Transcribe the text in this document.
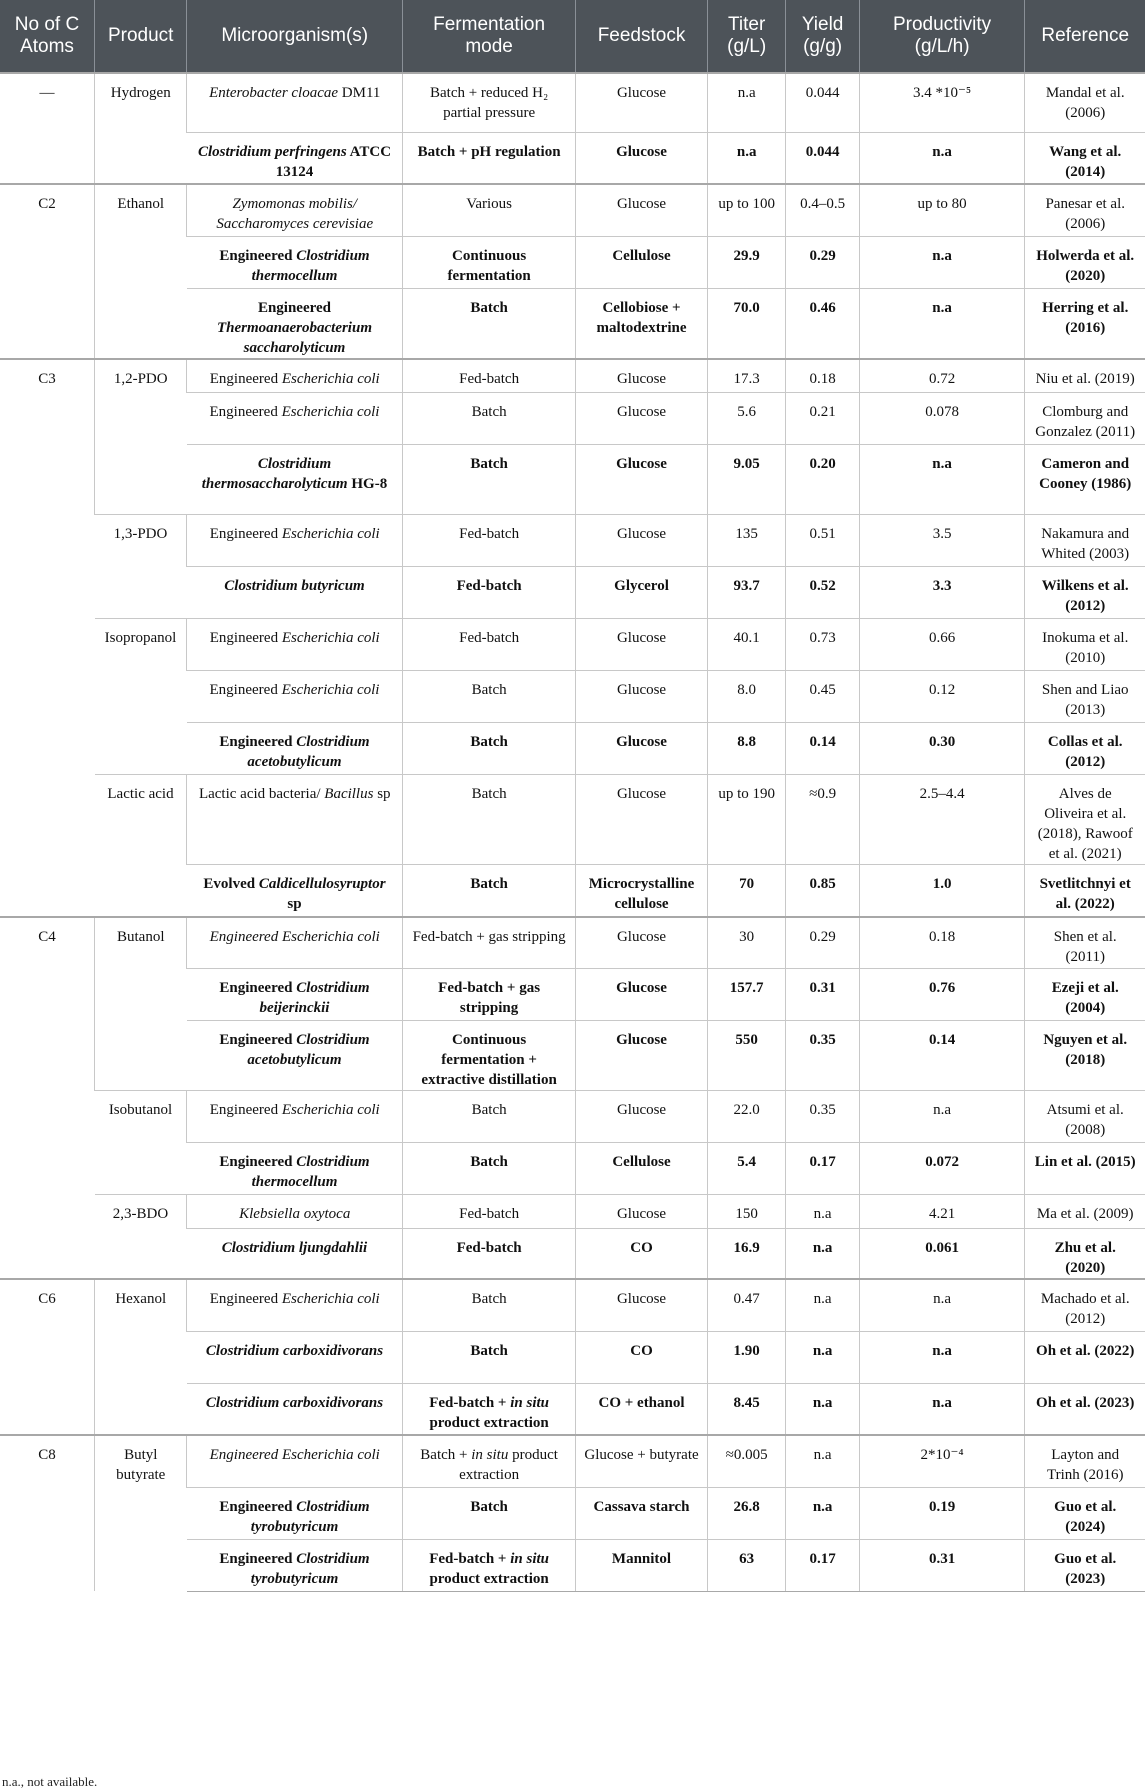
No of C Atoms	Product	Microorganism(s)	Fermentation mode	Feedstock	Titer (g/L)	Yield (g/g)	Productivity (g/L/h)	Reference
—	Hydrogen	Enterobacter cloacae DM11	Batch + reduced H₂ partial pressure	Glucose	n.a	0.044	3.4 *10⁻⁵	Mandal et al. (2006)
		Clostridium perfringens ATCC 13124	Batch + pH regulation	Glucose	n.a	0.044	n.a	Wang et al. (2014)
C2	Ethanol	Zymomonas mobilis/ Saccharomyces cerevisiae	Various	Glucose	up to 100	0.4–0.5	up to 80	Panesar et al. (2006)
		Engineered Clostridium thermocellum	Continuous fermentation	Cellulose	29.9	0.29	n.a	Holwerda et al. (2020)
		Engineered Thermoanaerobacterium saccharolyticum	Batch	Cellobiose + maltodextrine	70.0	0.46	n.a	Herring et al. (2016)
C3	1,2-PDO	Engineered Escherichia coli	Fed-batch	Glucose	17.3	0.18	0.72	Niu et al. (2019)
		Engineered Escherichia coli	Batch	Glucose	5.6	0.21	0.078	Clomburg and Gonzalez (2011)
		Clostridium thermosaccharolyticum HG-8	Batch	Glucose	9.05	0.20	n.a	Cameron and Cooney (1986)
	1,3-PDO	Engineered Escherichia coli	Fed-batch	Glucose	135	0.51	3.5	Nakamura and Whited (2003)
		Clostridium butyricum	Fed-batch	Glycerol	93.7	0.52	3.3	Wilkens et al. (2012)
	Isopropanol	Engineered Escherichia coli	Fed-batch	Glucose	40.1	0.73	0.66	Inokuma et al. (2010)
		Engineered Escherichia coli	Batch	Glucose	8.0	0.45	0.12	Shen and Liao (2013)
		Engineered Clostridium acetobutylicum	Batch	Glucose	8.8	0.14	0.30	Collas et al. (2012)
	Lactic acid	Lactic acid bacteria/ Bacillus sp	Batch	Glucose	up to 190	≈0.9	2.5–4.4	Alves de Oliveira et al. (2018), Rawoof et al. (2021)
		Evolved Caldicellulosyruptor sp	Batch	Microcrystalline cellulose	70	0.85	1.0	Svetlitchnyi et al. (2022)
C4	Butanol	Engineered Escherichia coli	Fed-batch + gas stripping	Glucose	30	0.29	0.18	Shen et al. (2011)
		Engineered Clostridium beijerinckii	Fed-batch + gas stripping	Glucose	157.7	0.31	0.76	Ezeji et al. (2004)
		Engineered Clostridium acetobutylicum	Continuous fermentation + extractive distillation	Glucose	550	0.35	0.14	Nguyen et al. (2018)
	Isobutanol	Engineered Escherichia coli	Batch	Glucose	22.0	0.35	n.a	Atsumi et al. (2008)
		Engineered Clostridium thermocellum	Batch	Cellulose	5.4	0.17	0.072	Lin et al. (2015)
	2,3-BDO	Klebsiella oxytoca	Fed-batch	Glucose	150	n.a	4.21	Ma et al. (2009)
		Clostridium ljungdahlii	Fed-batch	CO	16.9	n.a	0.061	Zhu et al. (2020)
C6	Hexanol	Engineered Escherichia coli	Batch	Glucose	0.47	n.a	n.a	Machado et al. (2012)
		Clostridium carboxidivorans	Batch	CO	1.90	n.a	n.a	Oh et al. (2022)
		Clostridium carboxidivorans	Fed-batch + in situ product extraction	CO + ethanol	8.45	n.a	n.a	Oh et al. (2023)
C8	Butyl butyrate	Engineered Escherichia coli	Batch + in situ product extraction	Glucose + butyrate	≈0.005	n.a	2*10⁻⁴	Layton and Trinh (2016)
		Engineered Clostridium tyrobutyricum	Batch	Cassava starch	26.8	n.a	0.19	Guo et al. (2024)
		Engineered Clostridium tyrobutyricum	Fed-batch + in situ product extraction	Mannitol	63	0.17	0.31	Guo et al. (2023)
n.a., not available.
